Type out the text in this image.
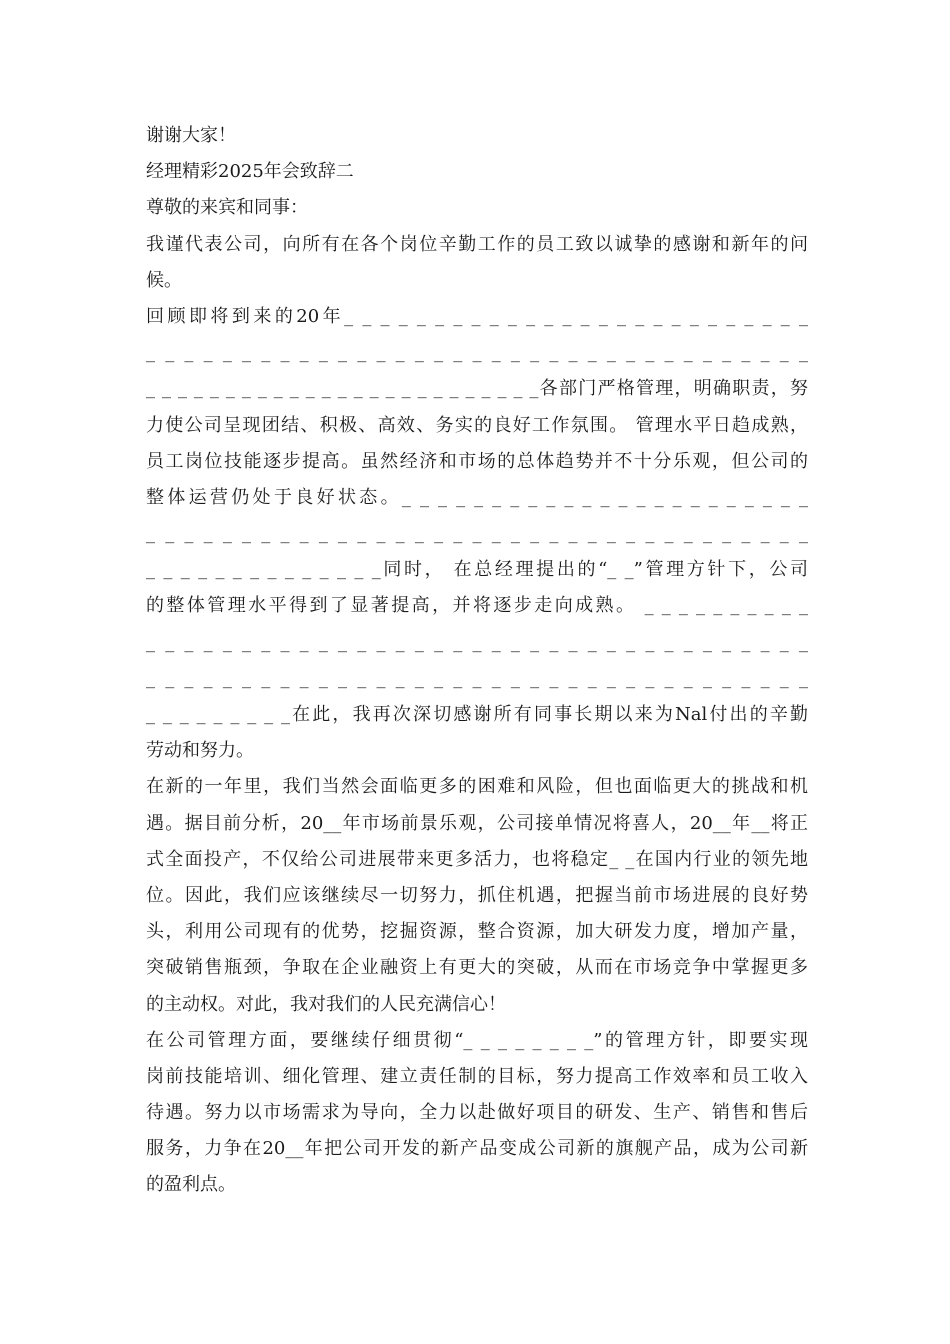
谢谢大家！
经理精彩2025年会致辞二
尊敬的来宾和同事：
我谨代表公司，向所有在各个岗位辛勤工作的员工致以诚挚的感谢和新年的问
候。
回顾即将到来的20年_ _ _ _ _ _ _ _ _ _ _ _ _ _ _ _ _ _ _ _ _ _ _ _ _ _
_ _ _ _ _ _ _ _ _ _ _ _ _ _ _ _ _ _ _ _ _ _ _ _ _ _ _ _ _ _ _ _ _ _ _
_ _ _ _ _ _ _ _ _ _ _ _ _ _ _ _ _ _ _ _ _ _ _ _ _各部门严格管理，明确职责，努
力使公司呈现团结、积极、高效、务实的良好工作氛围。 管理水平日趋成熟，
员工岗位技能逐步提高。虽然经济和市场的总体趋势并不十分乐观，但公司的
整体运营仍处于良好状态。_ _ _ _ _ _ _ _ _ _ _ _ _ _ _ _ _ _ _ _ _ _ _
_ _ _ _ _ _ _ _ _ _ _ _ _ _ _ _ _ _ _ _ _ _ _ _ _ _ _ _ _ _ _ _ _ _ _
_ _ _ _ _ _ _ _ _ _ _ _ _ _同时， 在总经理提出的“_ _”管理方针下，公司
的整体管理水平得到了显著提高，并将逐步走向成熟。 _ _ _ _ _ _ _ _ _ _
_ _ _ _ _ _ _ _ _ _ _ _ _ _ _ _ _ _ _ _ _ _ _ _ _ _ _ _ _ _ _ _ _ _ _
_ _ _ _ _ _ _ _ _ _ _ _ _ _ _ _ _ _ _ _ _ _ _ _ _ _ _ _ _ _ _ _ _ _ _
_ _ _ _ _ _ _ _ _在此，我再次深切感谢所有同事长期以来为Nal付出的辛勤
劳动和努力。
在新的一年里，我们当然会面临更多的困难和风险，但也面临更大的挑战和机
遇。据目前分析，20__年市场前景乐观，公司接单情况将喜人，20__年__将正
式全面投产，不仅给公司进展带来更多活力，也将稳定_ _在国内行业的领先地
位。因此，我们应该继续尽一切努力，抓住机遇，把握当前市场进展的良好势
头，利用公司现有的优势，挖掘资源，整合资源，加大研发力度，增加产量，
突破销售瓶颈，争取在企业融资上有更大的突破，从而在市场竞争中掌握更多
的主动权。对此，我对我们的人民充满信心！
在公司管理方面，要继续仔细贯彻“_ _ _ _ _ _ _ _”的管理方针，即要实现
岗前技能培训、细化管理、建立责任制的目标，努力提高工作效率和员工收入
待遇。努力以市场需求为导向，全力以赴做好项目的研发、生产、销售和售后
服务，力争在20__年把公司开发的新产品变成公司新的旗舰产品，成为公司新
的盈利点。
